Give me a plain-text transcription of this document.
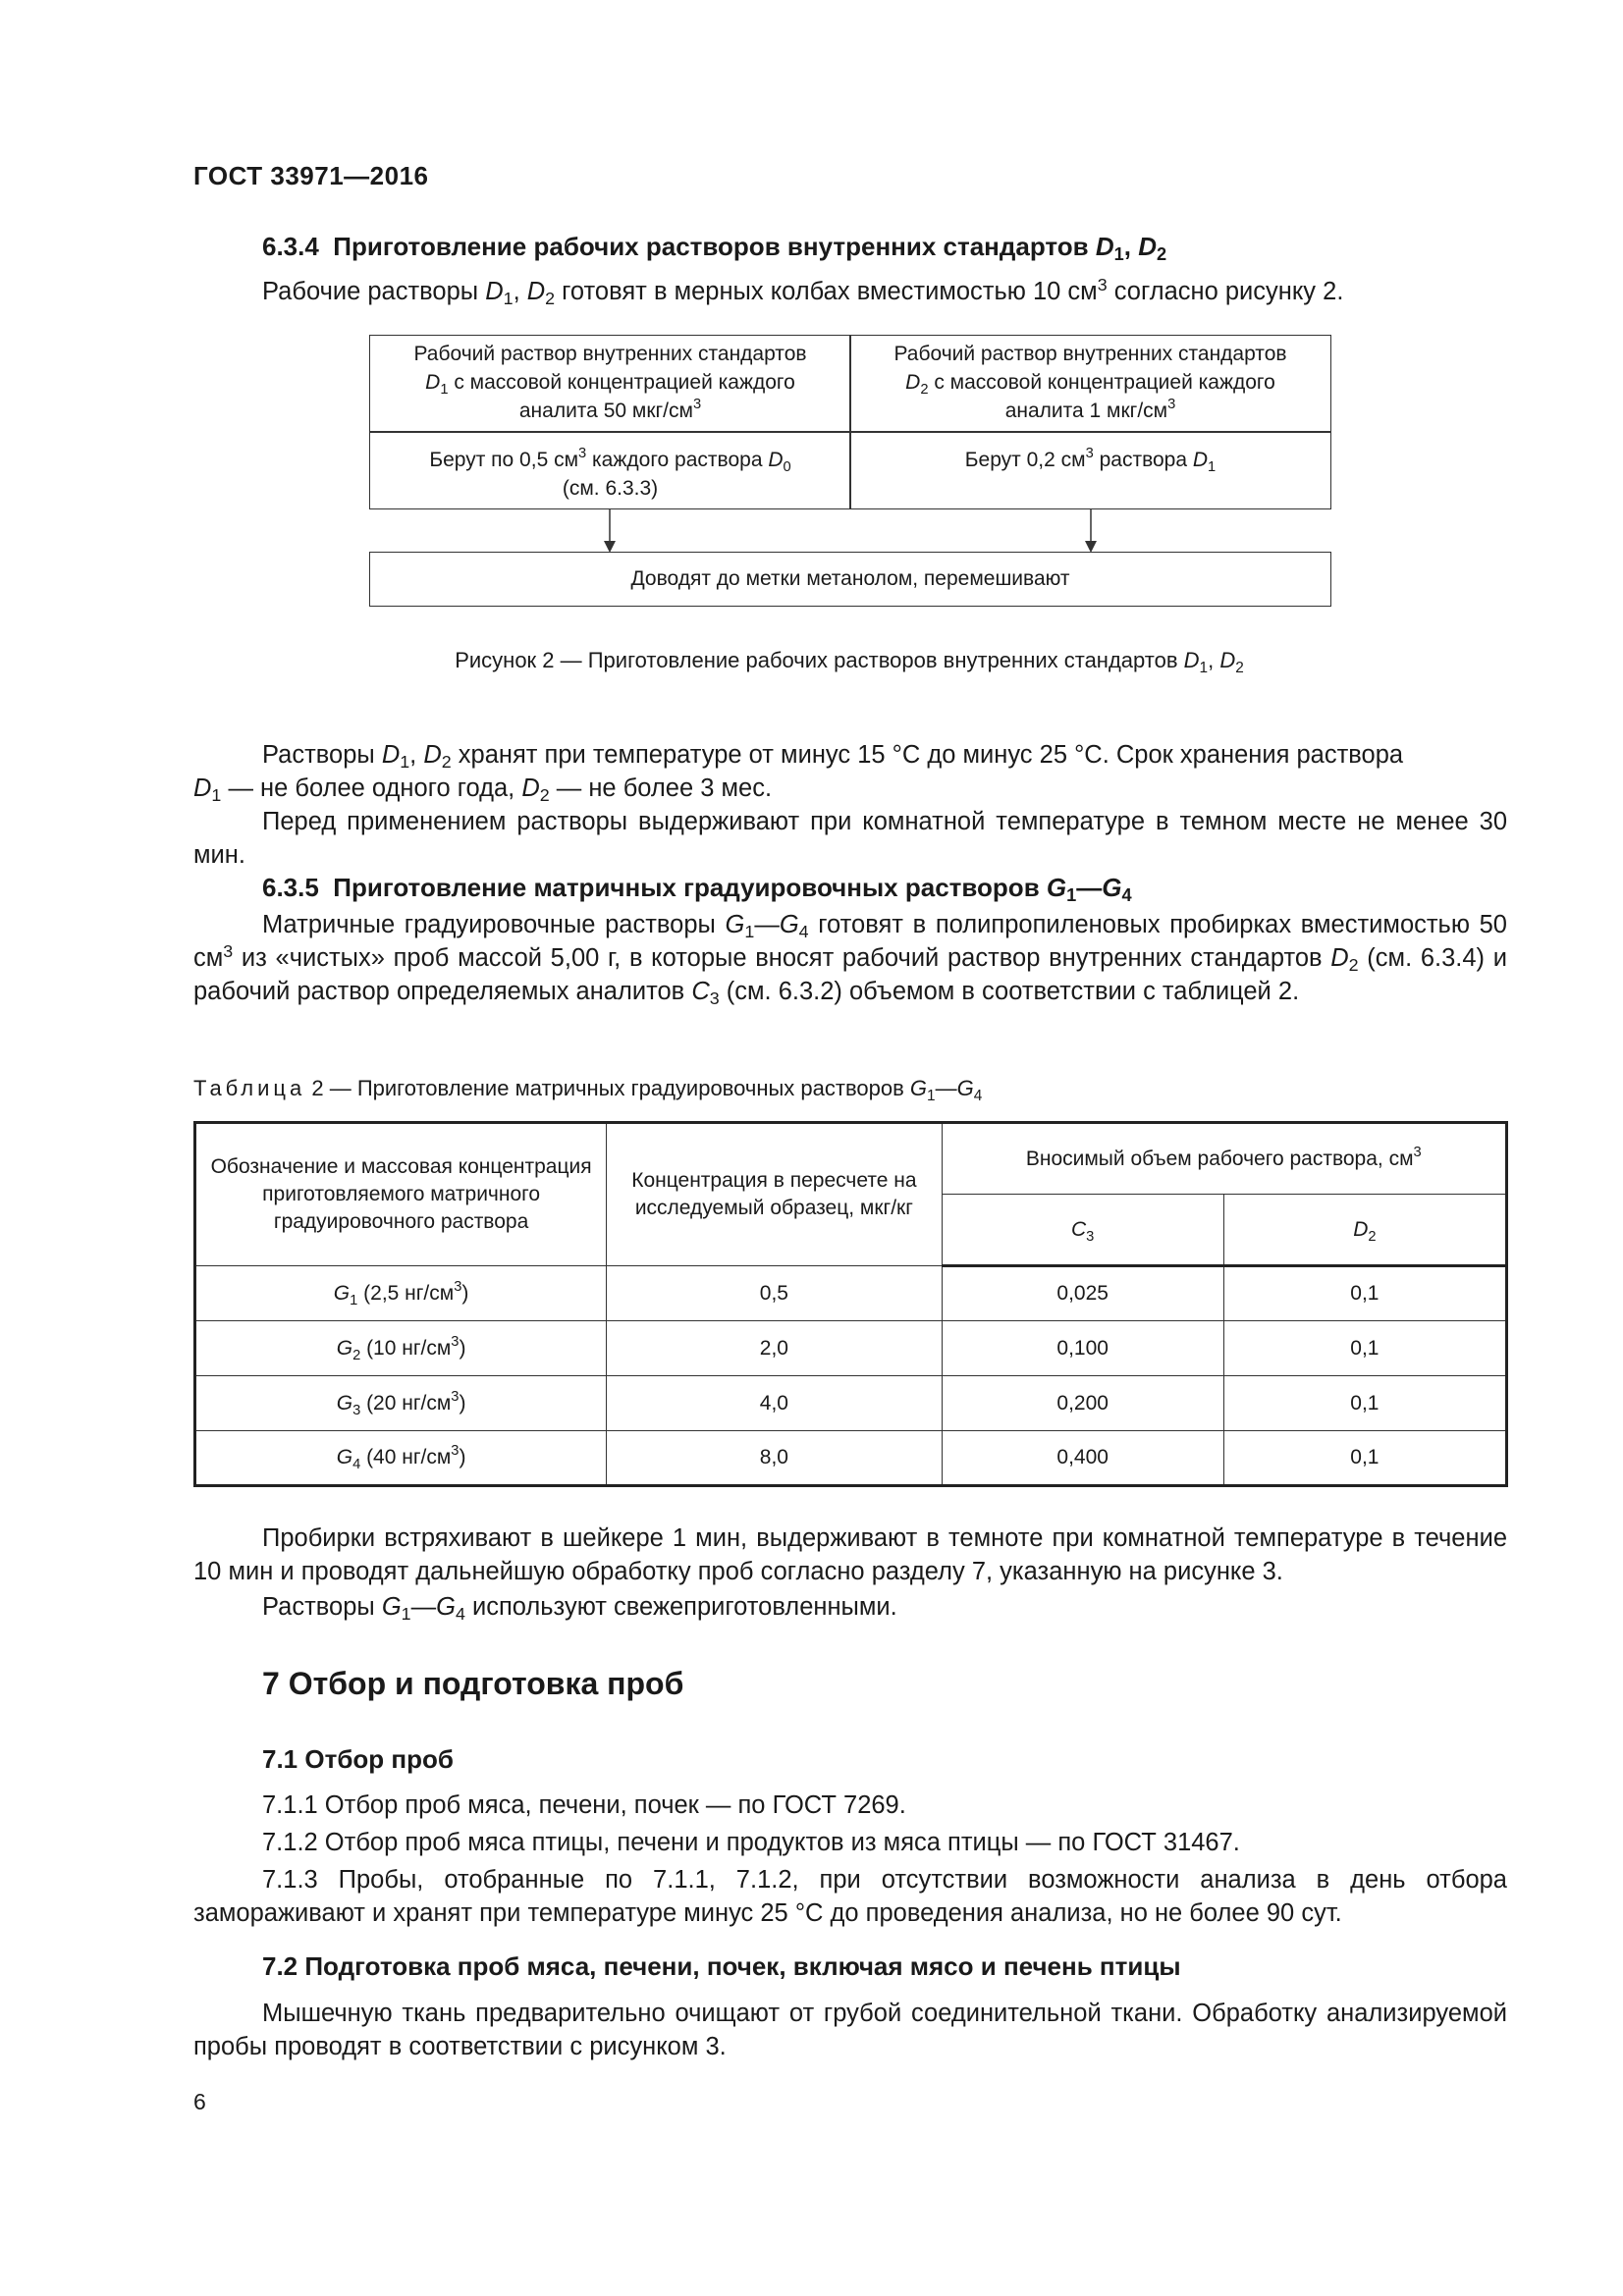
ГОСТ 33971—2016
6.3.4 Приготовление рабочих растворов внутренних стандартов $D_1$, $D_2$
Рабочие растворы $D_1$, $D_2$ готовят в мерных колбах вместимостью 10 $см^3$ согласно рисунку 2.
Рабочий раствор внутренних стандартов
$D_1$ с массовой концентрацией каждого
аналита 50 мкг/$см^3$
Рабочий раствор внутренних стандартов
$D_2$ с массовой концентрацией каждого
аналита 1 мкг/$см^3$
Берут по 0,5 $см^3$ каждого раствора $D_0$
(см. 6.3.3)
Берут 0,2 $см^3$ раствора $D_1$
Доводят до метки метанолом, перемешивают
Рисунок 2 — Приготовление рабочих растворов внутренних стандартов $D_1$, $D_2$
Растворы $D_1$, $D_2$ хранят при температуре от минус 15 °С до минус 25 °С. Срок хранения раствора
$D_1$ — не более одного года, $D_2$ — не более 3 мес.
Перед применением растворы выдерживают при комнатной температуре в темном месте не менее 30 мин.
6.3.5 Приготовление матричных градуировочных растворов $G_1—G_4$
Матричные градуировочные растворы $G_1—G_4$ готовят в полипропиленовых пробирках вместимостью 50 $см^3$ из «чистых» проб массой 5,00 г, в которые вносят рабочий раствор внутренних стандартов $D_2$ (см. 6.3.4) и рабочий раствор определяемых аналитов $С_3$ (см. 6.3.2) объемом в соответствии с таблицей 2.
Таблица 2 — Приготовление матричных градуировочных растворов $G_1—G_4$
Обозначение и массовая концентрация приготовляемого матричного градуировочного раствора	Концентрация в пересчете на исследуемый образец, мкг/кг	Вносимый объем рабочего раствора, $см^3$
		$С_3$	$D_2$
$G_1$ (2,5 $нг/см^3$)	0,5	0,025	0,1
$G_2$ (10 $нг/см^3$)	2,0	0,100	0,1
$G_3$ (20 $нг/см^3$)	4,0	0,200	0,1
$G_4$ (40 $нг/см^3$)	8,0	0,400	0,1
Пробирки встряхивают в шейкере 1 мин, выдерживают в темноте при комнатной температуре в течение 10 мин и проводят дальнейшую обработку проб согласно разделу 7, указанную на рисунке 3.
Растворы $G_1—G_4$ используют свежеприготовленными.
7 Отбор и подготовка проб
7.1 Отбор проб
7.1.1 Отбор проб мяса, печени, почек — по ГОСТ 7269.
7.1.2 Отбор проб мяса птицы, печени и продуктов из мяса птицы — по ГОСТ 31467.
7.1.3 Пробы, отобранные по 7.1.1, 7.1.2, при отсутствии возможности анализа в день отбора замораживают и хранят при температуре минус 25 °С до проведения анализа, но не более 90 сут.
7.2 Подготовка проб мяса, печени, почек, включая мясо и печень птицы
Мышечную ткань предварительно очищают от грубой соединительной ткани. Обработку анализируемой пробы проводят в соответствии с рисунком 3.
6
